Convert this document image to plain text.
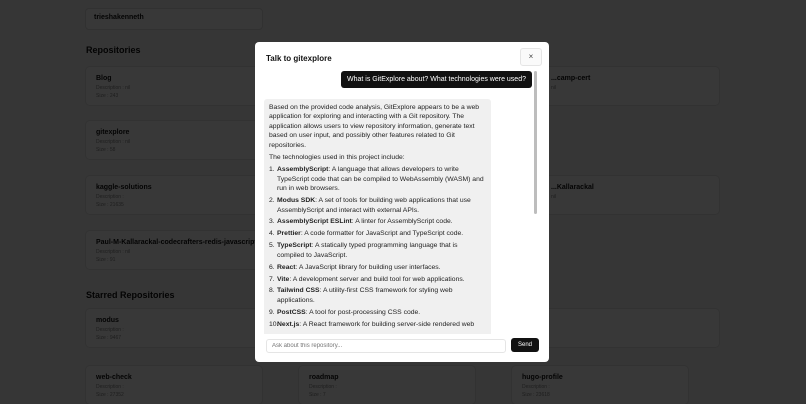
Talk to gitexplore	×
What is GitExplore about? What technologies were used?

Based on the provided code analysis, GitExplore appears to be a web application for exploring and interacting with a Git repository. The application allows users to view repository information, generate text based on user input, and possibly other features related to Git repositories.

The technologies used in this project include:

1. AssemblyScript: A language that allows developers to write TypeScript code that can be compiled to WebAssembly (WASM) and run in web browsers.
2. Modus SDK: A set of tools for building web applications that use AssemblyScript and interact with external APIs.
3. AssemblyScript ESLint: A linter for AssemblyScript code.
4. Prettier: A code formatter for JavaScript and TypeScript code.
5. TypeScript: A statically typed programming language that is compiled to JavaScript.
6. React: A JavaScript library for building user interfaces.
7. Vite: A development server and build tool for web applications.
8. Tailwind CSS: A utility-first CSS framework for styling web applications.
9. PostCSS: A tool for post-processing CSS code.
10.
Next.js: A React framework for building server-side rendered web
Ask about this repository...
Send
